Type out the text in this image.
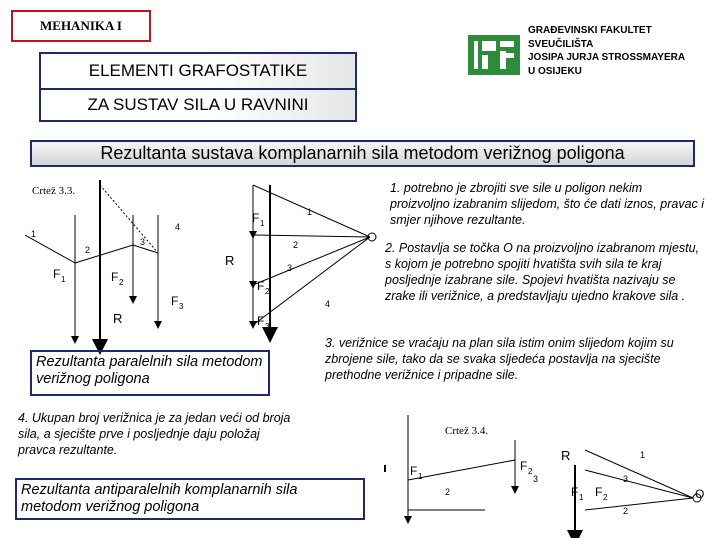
MEHANIKA I
ELEMENTI GRAFOSTATIKE
ZA SUSTAV SILA U RAVNINI
GRAĐEVINSKI FAKULTET
SVEUČILIŠTA
JOSIPA JURJA STROSSMAYERA
U OSIJEKU
Rezultanta sustava komplanarnih sila metodom verižnog poligona
Crtež 3.3.
1
2
3
4
F 1	F 2
F 3
R
F 1
R
F 2
F 3
1
2
3
4
1. potrebno je zbrojiti sve sile u poligon nekim proizvoljno izabranim slijedom, što će dati iznos, pravac i smjer njihove rezultante.
2. Postavlja se točka O na proizvoljno izabranom mjestu, s kojom je potrebno spojiti hvatišta svih sila te kraj posljednje izabrane sile. Spojevi hvatišta nazivaju se zrake ili verižnice, a predstavljaju ujedno krakove sila .
Rezultanta paralelnih sila metodom verižnog poligona
3. verižnice se vraćaju na plan sila istim onim slijedom kojim su zbrojene sile, tako da se svaka sljedeća postavlja na sjecište prethodne verižnice i pripadne sile.
4. Ukupan broj verižnica je za jedan veći od broja sila, a sjecište prve i posljednje daju položaj pravca rezultante.
Rezultanta antiparalelnih komplanarnih sila metodom verižnog poligona
Crtež 3.4.
F 1
2
F 2
3
R	1
3
O
F 1 F 2
2
